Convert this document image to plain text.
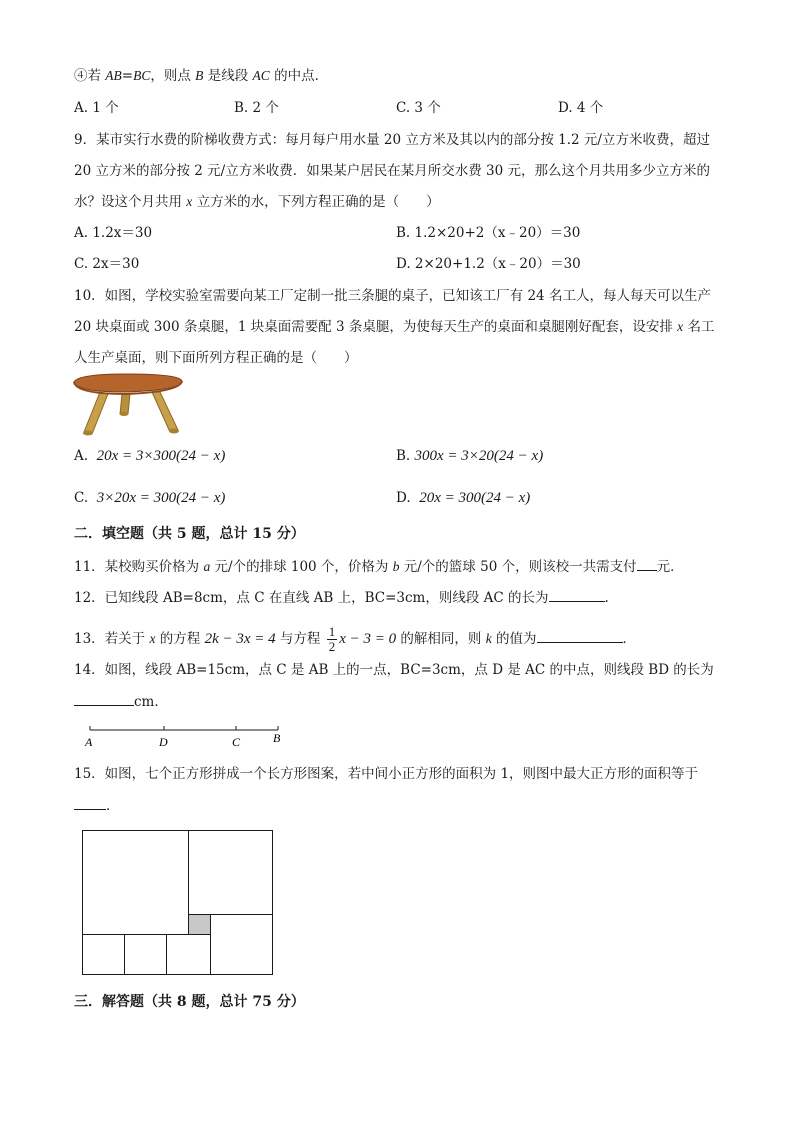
④若 AB=BC，则点 B 是线段 AC 的中点．
A. 1 个	B. 2 个	C. 3 个	D. 4 个
9．某市实行水费的阶梯收费方式：每月每户用水量 20 立方米及其以内的部分按 1.2 元/立方米收费，超过
20 立方米的部分按 2 元/立方米收费．如果某户居民在某月所交水费 30 元，那么这个月共用多少立方米的
水？设这个月共用 x 立方米的水，下列方程正确的是（　　）
A. 1.2x＝30	B. 1.2×20+2（x﹣20）＝30
C. 2x＝30	D. 2×20+1.2（x﹣20）＝30
10．如图，学校实验室需要向某工厂定制一批三条腿的桌子，已知该工厂有 24 名工人，每人每天可以生产
20 块桌面或 300 条桌腿，1 块桌面需要配 3 条桌腿，为使每天生产的桌面和桌腿刚好配套，设安排 x 名工
人生产桌面，则下面所列方程正确的是（　　）
A. 20x = 3×300(24 − x)	B. 300x = 3×20(24 − x)
C. 3×20x = 300(24 − x)	D. 20x = 300(24 − x)
二．填空题（共 5 题，总计 15 分）
11．某校购买价格为 a 元/个的排球 100 个，价格为 b 元/个的篮球 50 个，则该校一共需支付 元．
12．已知线段 AB=8cm，点 C 在直线 AB 上，BC=3cm，则线段 AC 的长为	.
13．若关于 x 的方程 2k − 3x = 4 与方程 $\frac{1}{2}$ x − 3 = 0 的解相同，则 k 的值为	．
14．如图，线段 AB=15cm，点 C 是 AB 上的一点，BC=3cm，点 D 是 AC 的中点，则线段 BD 的长为
cm．
A	D	C	B
15．如图，七个正方形拼成一个长方形图案，若中间小正方形的面积为 1，则图中最大正方形的面积等于
．
三．解答题（共 8 题，总计 75 分）
